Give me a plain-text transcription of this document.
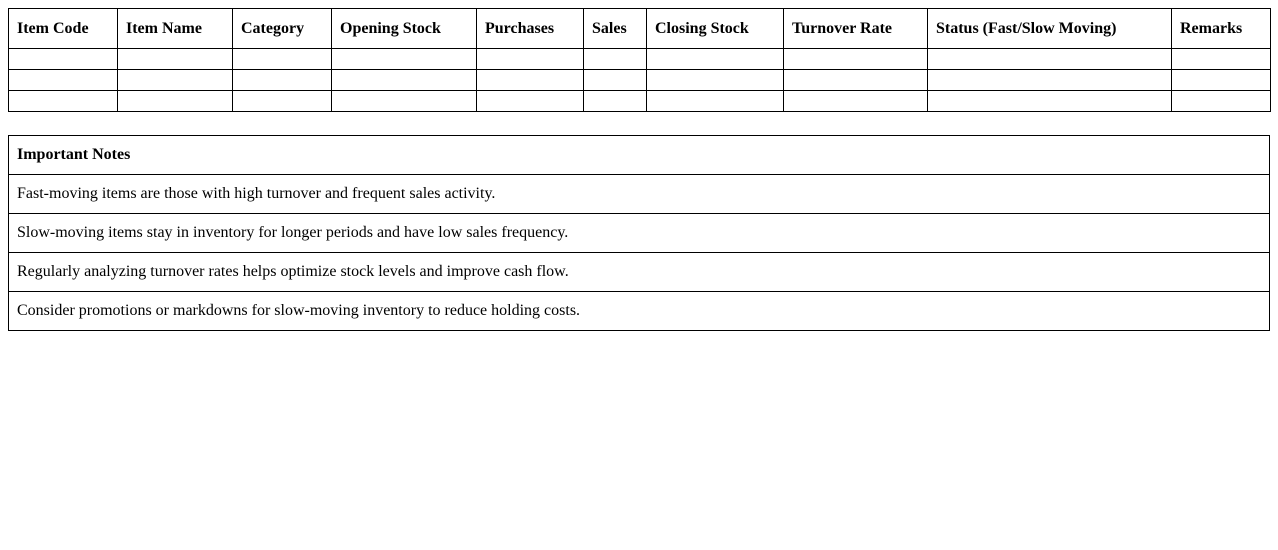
Item Code	Item Name	Category	Opening Stock	Purchases	Sales	Closing Stock	Turnover Rate	Status (Fast/Slow Moving)	Remarks

Important Notes
Fast-moving items are those with high turnover and frequent sales activity.
Slow-moving items stay in inventory for longer periods and have low sales frequency.
Regularly analyzing turnover rates helps optimize stock levels and improve cash flow.
Consider promotions or markdowns for slow-moving inventory to reduce holding costs.
